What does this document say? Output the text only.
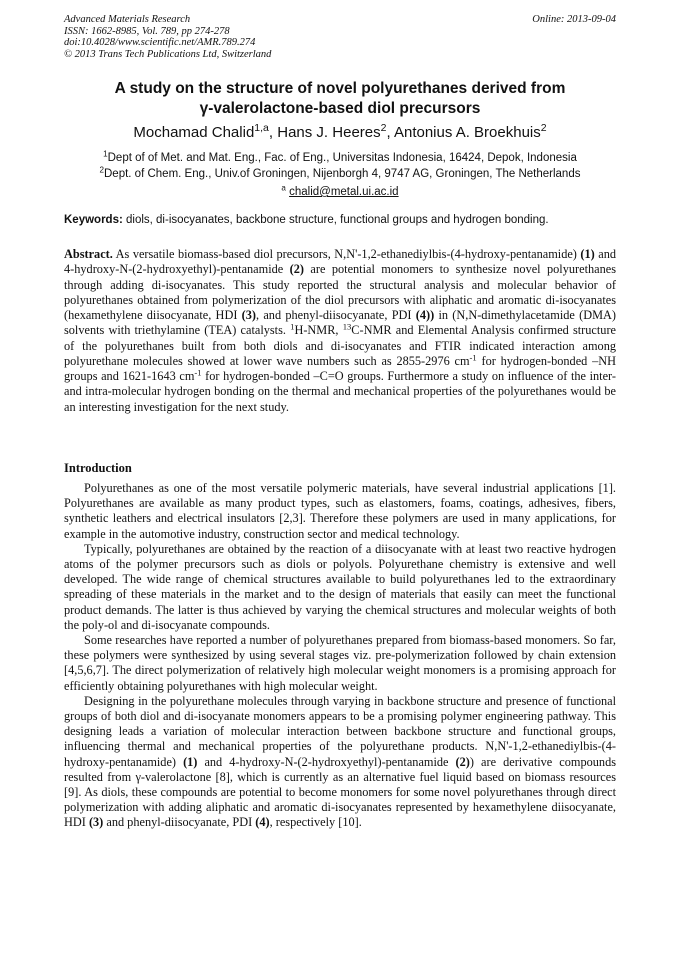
Advanced Materials Research
ISSN: 1662-8985, Vol. 789, pp 274-278
doi:10.4028/www.scientific.net/AMR.789.274
© 2013 Trans Tech Publications Ltd, Switzerland
Online: 2013-09-04
A study on the structure of novel polyurethanes derived from
γ-valerolactone-based diol precursors
Mochamad Chalid$^{1,a}$, Hans J. Heeres$^2$, Antonius A. Broekhuis$^2$
$^1$Dept of of Met. and Mat. Eng., Fac. of Eng., Universitas Indonesia, 16424, Depok, Indonesia
$^2$Dept. of Chem. Eng., Univ.of Groningen, Nijenborgh 4, 9747 AG, Groningen, The Netherlands
$^a$ chalid@metal.ui.ac.id
Keywords: diols, di-isocyanates, backbone structure, functional groups and hydrogen bonding.

Abstract. As versatile biomass-based diol precursors, N,N'-1,2-ethanediylbis-(4-hydroxy-pentanamide) (1) and 4-hydroxy-N-(2-hydroxyethyl)-pentanamide (2) are potential monomers to synthesize novel polyurethanes through adding di-isocyanates. This study reported the structural analysis and molecular behavior of polyurethanes obtained from polymerization of the diol precursors with aliphatic and aromatic di-isocyanates (hexamethylene diisocyanate, HDI (3), and phenyl-diisocyanate, PDI (4)) in (N,N-dimethylacetamide (DMA) solvents with triethylamine (TEA) catalysts. $^1$H-NMR, $^{13}$C-NMR and Elemental Analysis confirmed structure of the polyurethanes built from both diols and di-isocyanates and FTIR indicated interaction among polyurethane molecules showed at lower wave numbers such as 2855-2976 $cm^{-1}$ for hydrogen-bonded –NH groups and 1621-1643 $cm^{-1}$ for hydrogen-bonded –C=O groups. Furthermore a study on influence of the inter- and intra-molecular hydrogen bonding on the thermal and mechanical properties of the polyurethanes would be an interesting investigation for the next study.

Introduction

Polyurethanes as one of the most versatile polymeric materials, have several industrial applications [1]. Polyurethanes are available as many product types, such as elastomers, foams, coatings, adhesives, fibers, synthetic leathers and electrical insulators [2,3]. Therefore these polymers are used in many applications, for example in the automotive industry, construction sector and medical technology.

Typically, polyurethanes are obtained by the reaction of a diisocyanate with at least two reactive hydrogen atoms of the polymer precursors such as diols or polyols. Polyurethane chemistry is extensive and well developed. The wide range of chemical structures available to build polyurethanes led to the extraordinary spreading of these materials in the market and to the design of materials that easily can meet the functional product demands. The latter is thus achieved by varying the chemical structures and molecular weights of both the poly-ol and di-isocyanate compounds.

Some researches have reported a number of polyurethanes prepared from biomass-based monomers. So far, these polymers were synthesized by using several stages viz. pre-polymerization followed by chain extension [4,5,6,7]. The direct polymerization of relatively high molecular weight monomers is a promising approach for efficiently obtaining polyurethanes with high molecular weight.

Designing in the polyurethane molecules through varying in backbone structure and presence of functional groups of both diol and di-isocyanate monomers appears to be a promising polymer engineering pathway. This designing leads a variation of molecular interaction between backbone structure and functional groups, influencing thermal and mechanical properties of the polyurethane products. N,N'-1,2-ethanediylbis-(4-hydroxy-pentanamide) (1) and 4-hydroxy-N-(2-hydroxyethyl)-pentanamide (2)) are derivative compounds resulted from γ-valerolactone [8], which is currently as an alternative fuel liquid based on biomass resources [9]. As diols, these compounds are potential to become monomers for some novel polyurethanes through direct polymerization with adding aliphatic and aromatic di-isocyanates represented by hexamethylene diisocyanate, HDI (3) and phenyl-diisocyanate, PDI (4), respectively [10].
